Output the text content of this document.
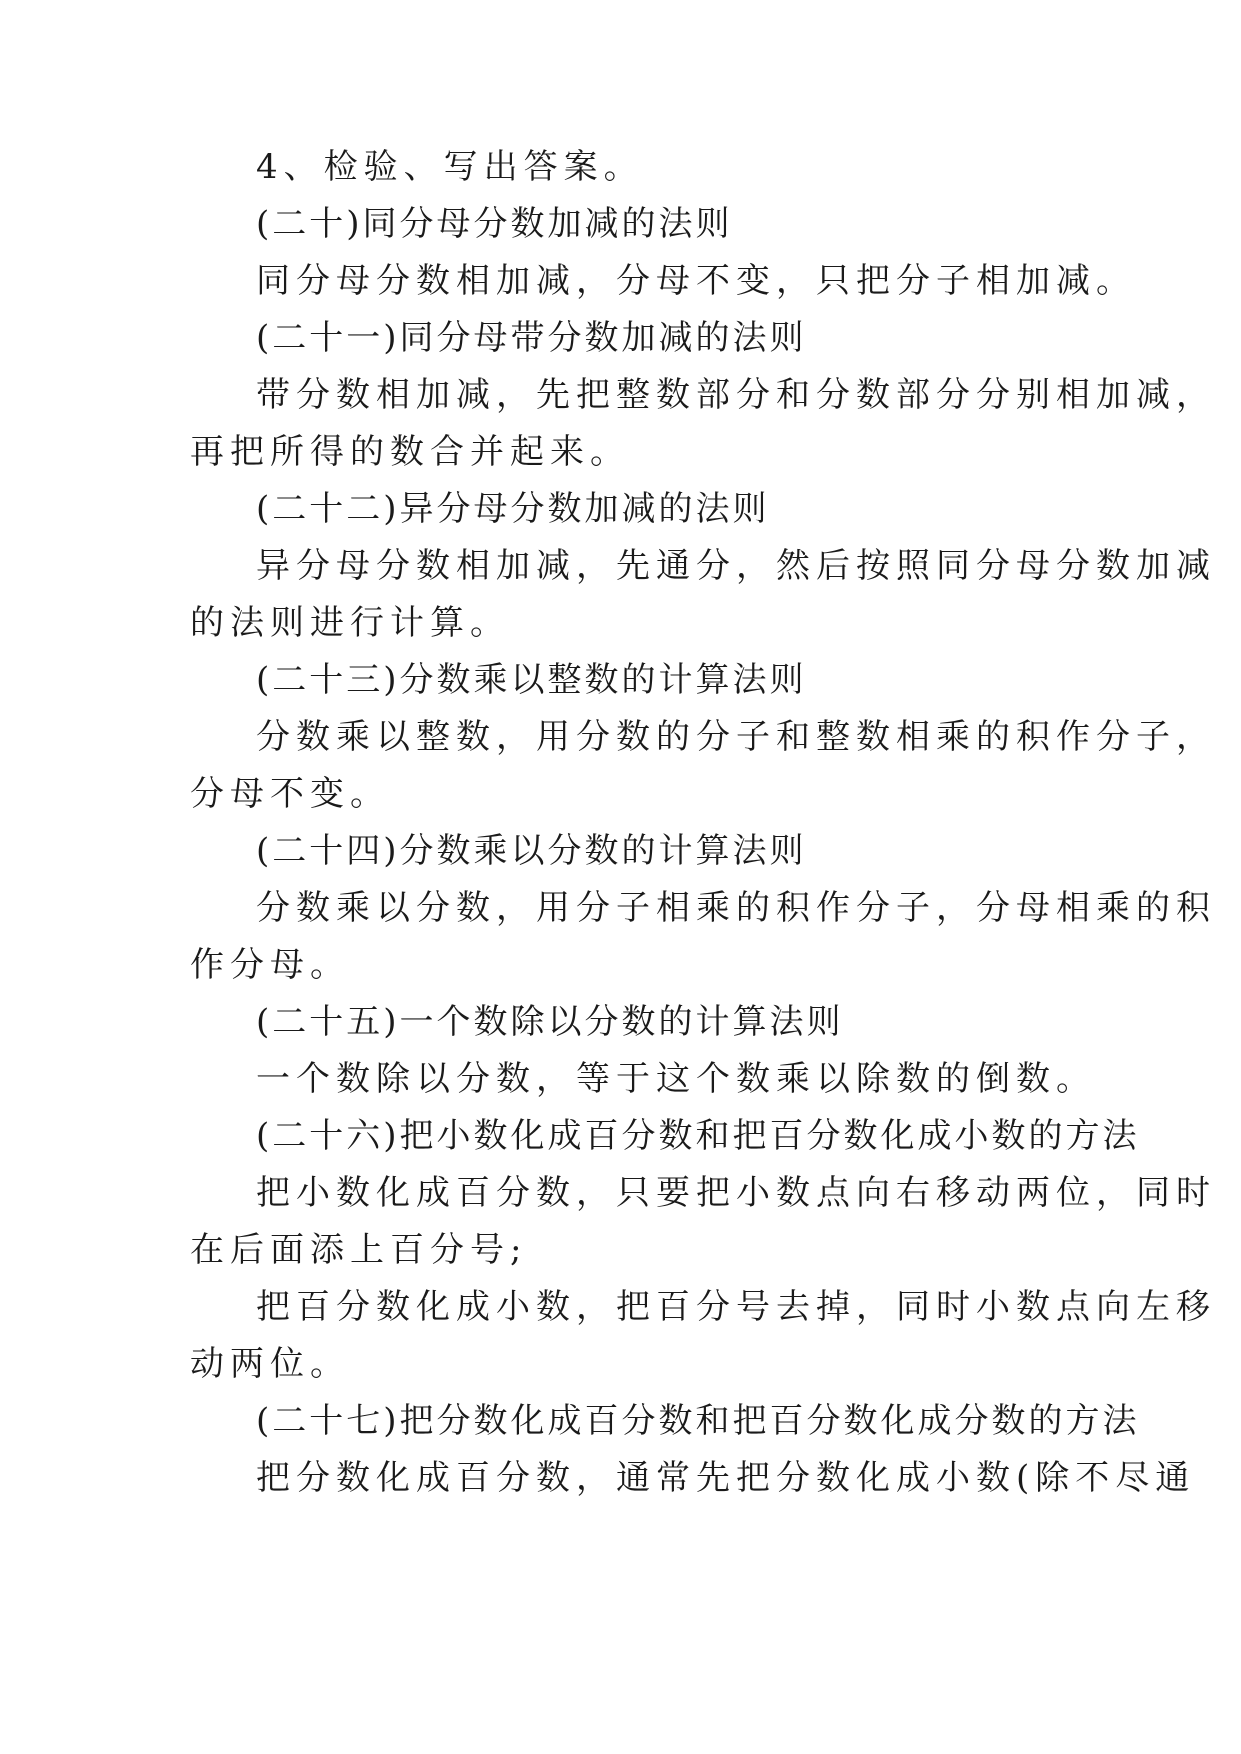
4、检验、写出答案。
(二十)同分母分数加减的法则
同分母分数相加减，分母不变，只把分子相加减。
(二十一)同分母带分数加减的法则
带分数相加减，先把整数部分和分数部分分别相加减，
再把所得的数合并起来。
(二十二)异分母分数加减的法则
异分母分数相加减，先通分，然后按照同分母分数加减
的法则进行计算。
(二十三)分数乘以整数的计算法则
分数乘以整数，用分数的分子和整数相乘的积作分子，
分母不变。
(二十四)分数乘以分数的计算法则
分数乘以分数，用分子相乘的积作分子，分母相乘的积
作分母。
(二十五)一个数除以分数的计算法则
一个数除以分数，等于这个数乘以除数的倒数。
(二十六)把小数化成百分数和把百分数化成小数的方法
把小数化成百分数，只要把小数点向右移动两位，同时
在后面添上百分号;
把百分数化成小数，把百分号去掉，同时小数点向左移
动两位。
(二十七)把分数化成百分数和把百分数化成分数的方法
把分数化成百分数，通常先把分数化成小数(除不尽通
